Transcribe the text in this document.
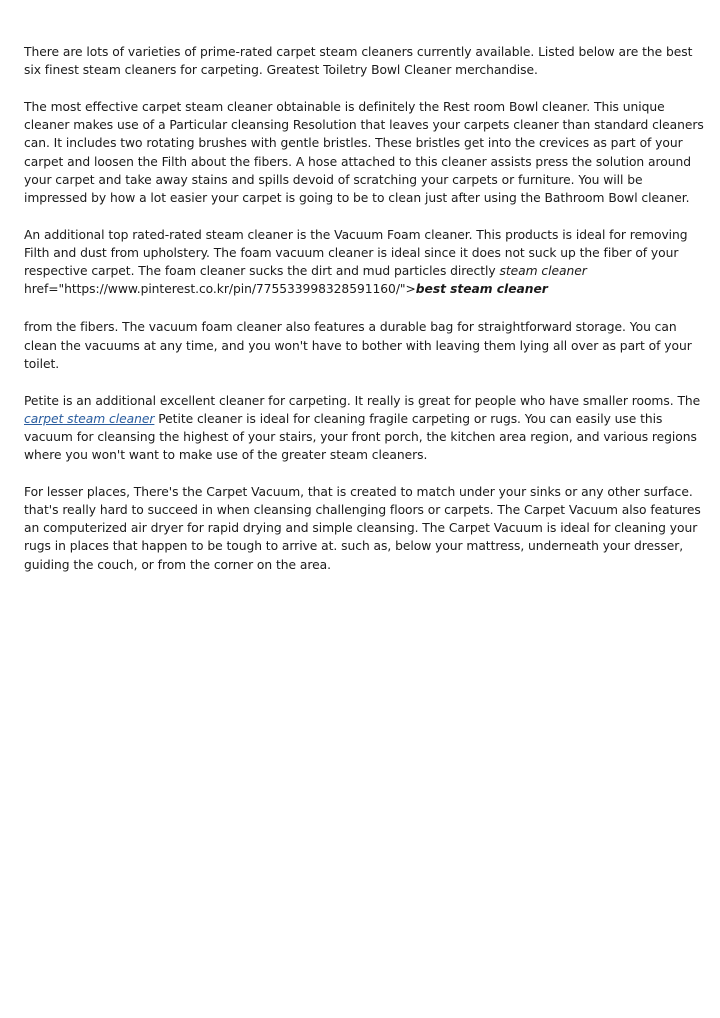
There are lots of varieties of prime-rated carpet steam cleaners currently available. Listed below are the best six finest steam cleaners for carpeting. Greatest Toiletry Bowl Cleaner merchandise.

The most effective carpet steam cleaner obtainable is definitely the Rest room Bowl cleaner. This unique cleaner makes use of a Particular cleansing Resolution that leaves your carpets cleaner than standard cleaners can. It includes two rotating brushes with gentle bristles. These bristles get into the crevices as part of your carpet and loosen the Filth about the fibers. A hose attached to this cleaner assists press the solution around your carpet and take away stains and spills devoid of scratching your carpets or furniture. You will be impressed by how a lot easier your carpet is going to be to clean just after using the Bathroom Bowl cleaner.

An additional top rated-rated steam cleaner is the Vacuum Foam cleaner. This products is ideal for removing Filth and dust from upholstery. The foam vacuum cleaner is ideal since it does not suck up the fiber of your respective carpet. The foam cleaner sucks the dirt and mud particles directly steam cleaner
href="https://www.pinterest.co.kr/pin/775533998328591160/">best steam cleaner

from the fibers. The vacuum foam cleaner also features a durable bag for straightforward storage. You can clean the vacuums at any time, and you won't have to bother with leaving them lying all over as part of your toilet.

Petite is an additional excellent cleaner for carpeting. It really is great for people who have smaller rooms. The carpet steam cleaner Petite cleaner is ideal for cleaning fragile carpeting or rugs. You can easily use this vacuum for cleansing the highest of your stairs, your front porch, the kitchen area region, and various regions where you won't want to make use of the greater steam cleaners.

For lesser places, There's the Carpet Vacuum, that is created to match under your sinks or any other surface. that's really hard to succeed in when cleansing challenging floors or carpets. The Carpet Vacuum also features an computerized air dryer for rapid drying and simple cleansing. The Carpet Vacuum is ideal for cleaning your rugs in places that happen to be tough to arrive at. such as, below your mattress, underneath your dresser, guiding the couch, or from the corner on the area.
